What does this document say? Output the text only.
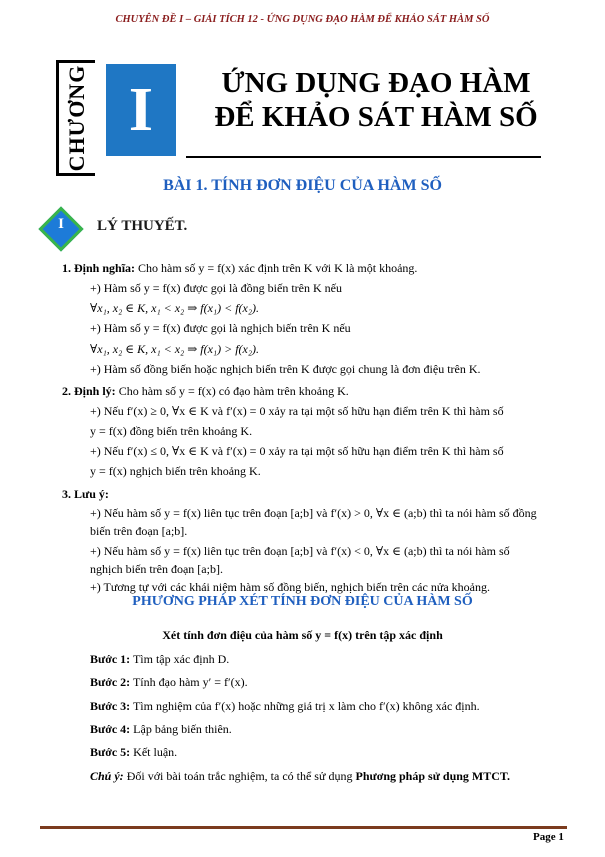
CHUYÊN ĐỀ I – GIẢI TÍCH 12 - ỨNG DỤNG ĐẠO HÀM ĐỂ KHẢO SÁT HÀM SỐ
CHƯƠNG I	ỨNG DỤNG ĐẠO HÀM
ĐỂ KHẢO SÁT HÀM SỐ
BÀI 1. TÍNH ĐƠN ĐIỆU CỦA HÀM SỐ
I	LÝ THUYẾT.
1. Định nghĩa: Cho hàm số y = f(x) xác định trên K với K là một khoảng.
+) Hàm số y = f(x) được gọi là đồng biến trên K nếu
∀x₁, x₂ ∈ K, x₁ < x₂ ⇒ f(x₁) < f(x₂).
+) Hàm số y = f(x) được gọi là nghịch biến trên K nếu
∀x₁, x₂ ∈ K, x₁ < x₂ ⇒ f(x₁) > f(x₂).
+) Hàm số đồng biến hoặc nghịch biến trên K được gọi chung là đơn điệu trên K.
2. Định lý: Cho hàm số y = f(x) có đạo hàm trên khoảng K.
+) Nếu f′(x) ≥ 0, ∀x ∈ K và f′(x) = 0 xảy ra tại một số hữu hạn điểm trên K thì hàm số
y = f(x) đồng biến trên khoảng K.
+) Nếu f′(x) ≤ 0, ∀x ∈ K và f′(x) = 0 xảy ra tại một số hữu hạn điểm trên K thì hàm số
y = f(x) nghịch biến trên khoảng K.
3. Lưu ý:
+) Nếu hàm số y = f(x) liên tục trên đoạn [a;b] và f′(x) > 0, ∀x ∈ (a;b) thì ta nói hàm số đồng
biến trên đoạn [a;b].
+) Nếu hàm số y = f(x) liên tục trên đoạn [a;b] và f′(x) < 0, ∀x ∈ (a;b) thì ta nói hàm số
nghịch biến trên đoạn [a;b].
+) Tương tự với các khái niệm hàm số đồng biến, nghịch biến trên các nửa khoảng.
PHƯƠNG PHÁP XÉT TÍNH ĐƠN ĐIỆU CỦA HÀM SỐ
Xét tính đơn điệu của hàm số y = f(x) trên tập xác định
Bước 1: Tìm tập xác định D.
Bước 2: Tính đạo hàm y′ = f′(x).
Bước 3: Tìm nghiệm của f′(x) hoặc những giá trị x làm cho f′(x) không xác định.
Bước 4: Lập bảng biến thiên.
Bước 5: Kết luận.
Chú ý: Đối với bài toán trắc nghiệm, ta có thể sử dụng Phương pháp sử dụng MTCT.
Page 1
